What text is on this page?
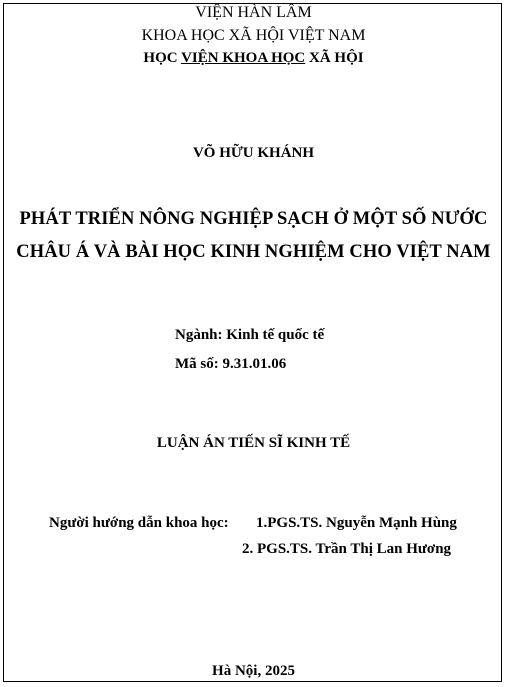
VIỆN HÀN LÂM
KHOA HỌC XÃ HỘI VIỆT NAM
HỌC VIỆN KHOA HỌC XÃ HỘI
VÕ HỮU KHÁNH
PHÁT TRIỂN NÔNG NGHIỆP SẠCH Ở MỘT SỐ NƯỚC
CHÂU Á VÀ BÀI HỌC KINH NGHIỆM CHO VIỆT NAM
Ngành: Kinh tế quốc tế
Mã số: 9.31.01.06
LUẬN ÁN TIẾN SĨ KINH TẾ
Người hướng dẫn khoa học: 1.PGS.TS. Nguyễn Mạnh Hùng
2. PGS.TS. Trần Thị Lan Hương
Hà Nội, 2025
